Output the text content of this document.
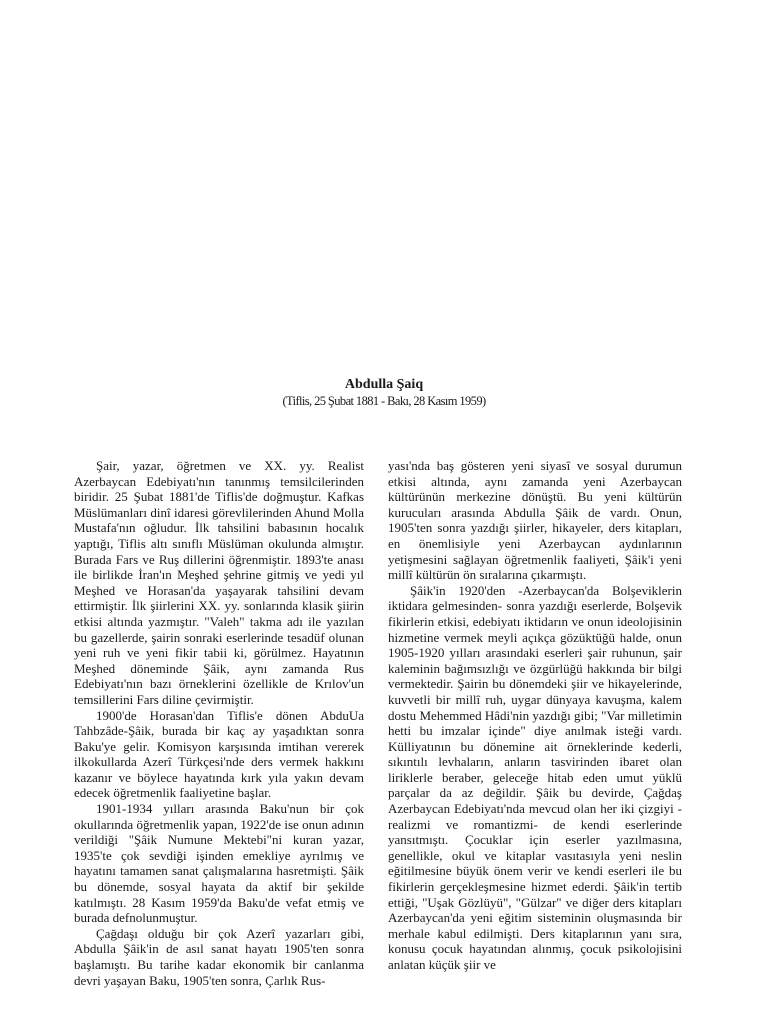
Abdulla Şaiq
(Tiflis, 25 Şubat 1881 - Bakı, 28 Kasım 1959)

Şair, yazar, öğretmen ve XX. yy. Realist Azerbaycan Edebiyatı'nın tanınmış temsilcilerinden biridir. 25 Şubat 1881'de Tiflis'de doğmuştur. Kafkas Müslümanları dinî idaresi görevlilerinden Ahund Molla Mustafa'nın oğludur. İlk tahsilini babasının hocalık yaptığı, Tiflis altı sınıflı Müslüman okulunda almıştır. Burada Fars ve Ruş dillerini öğrenmiştir. 1893'te anası ile birlikde İran'ın Meşhed şehrine gitmiş ve yedi yıl Meşhed ve Horasan'da yaşayarak tahsilini devam ettirmiştir. İlk şiirlerini XX. yy. sonlarında klasik şiirin etkisi altında yazmıştır. "Valeh" takma adı ile yazılan bu gazellerde, şairin sonraki eserlerinde tesadüf olunan yeni ruh ve yeni fikir tabii ki, görülmez. Hayatının Meşhed döneminde Şâik, aynı zamanda Rus Edebiyatı'nın bazı örneklerini özellikle de Krılov'un temsillerini Fars diline çevirmiştir.

1900'de Horasan'dan Tiflis'e dönen AbduUa Tahbzâde-Şâik, burada bir kaç ay yaşadıktan sonra Baku'ye gelir. Komisyon karşısında imtihan vererek ilkokullarda Azerî Türkçesi'nde ders vermek hakkını kazanır ve böylece hayatında kırk yıla yakın devam edecek öğretmenlik faaliyetine başlar.

1901-1934 yılları arasında Baku'nun bir çok okullarında öğretmenlik yapan, 1922'de ise onun adının verildiği "Şâik Numune Mektebi"ni kuran yazar, 1935'te çok sevdiği işinden emekliye ayrılmış ve hayatını tamamen sanat çalışmalarına hasretmişti. Şâik bu dönemde, sosyal hayata da aktif bir şekilde katılmıştı. 28 Kasım 1959'da Baku'de vefat etmiş ve burada defnolunmuştur.

Çağdaşı olduğu bir çok Azerî yazarları gibi, Abdulla Şâik'in de asıl sanat hayatı 1905'ten sonra başlamıştı. Bu tarihe kadar ekonomik bir canlanma devri yaşayan Baku, 1905'ten sonra, Çarlık Rus-

yası'nda baş gösteren yeni siyasî ve sosyal durumun etkisi altında, aynı zamanda yeni Azerbaycan kültürünün merkezine dönüştü. Bu yeni kültürün kurucuları arasında Abdulla Şâik de vardı. Onun, 1905'ten sonra yazdığı şiirler, hikayeler, ders kitapları, en önemlisiyle yeni Azerbaycan aydınlarının yetişmesini sağlayan öğretmenlik faaliyeti, Şâik'i yeni millî kültürün ön sıralarına çıkarmıştı.

Şâik'in 1920'den -Azerbaycan'da Bolşeviklerin iktidara gelmesinden- sonra yazdığı eserlerde, Bolşevik fikirlerin etkisi, edebiyatı iktidarın ve onun ideolojisinin hizmetine vermek meyli açıkça gözüktüğü halde, onun 1905-1920 yılları arasındaki eserleri şair ruhunun, şair kaleminin bağımsızlığı ve özgürlüğü hakkında bir bilgi vermektedir. Şairin bu dönemdeki şiir ve hikayelerinde, kuvvetli bir millî ruh, uygar dünyaya kavuşma, kalem dostu Mehemmed Hâdi'nin yazdığı gibi; "Var milletimin hetti bu imzalar içinde" diye anılmak isteği vardı. Külliyatının bu dönemine ait örneklerinde kederli, sıkıntılı levhaların, anların tasvirinden ibaret olan liriklerle beraber, geleceğe hitab eden umut yüklü parçalar da az değildir. Şâik bu devirde, Çağdaş Azerbaycan Edebiyatı'nda mevcud olan her iki çizgiyi -realizmi ve romantizmi- de kendi eserlerinde yansıtmıştı. Çocuklar için eserler yazılmasına, genellikle, okul ve kitaplar vasıtasıyla yeni neslin eğitilmesine büyük önem verir ve kendi eserleri ile bu fikirlerin gerçekleşmesine hizmet ederdi. Şâik'in tertib ettiği, "Uşak Gözlüyü", "Gülzar" ve diğer ders kitapları Azerbaycan'da yeni eğitim sisteminin oluşmasında bir merhale kabul edilmişti. Ders kitaplarının yanı sıra, konusu çocuk hayatından alınmış, çocuk psikolojisini anlatan küçük şiir ve
